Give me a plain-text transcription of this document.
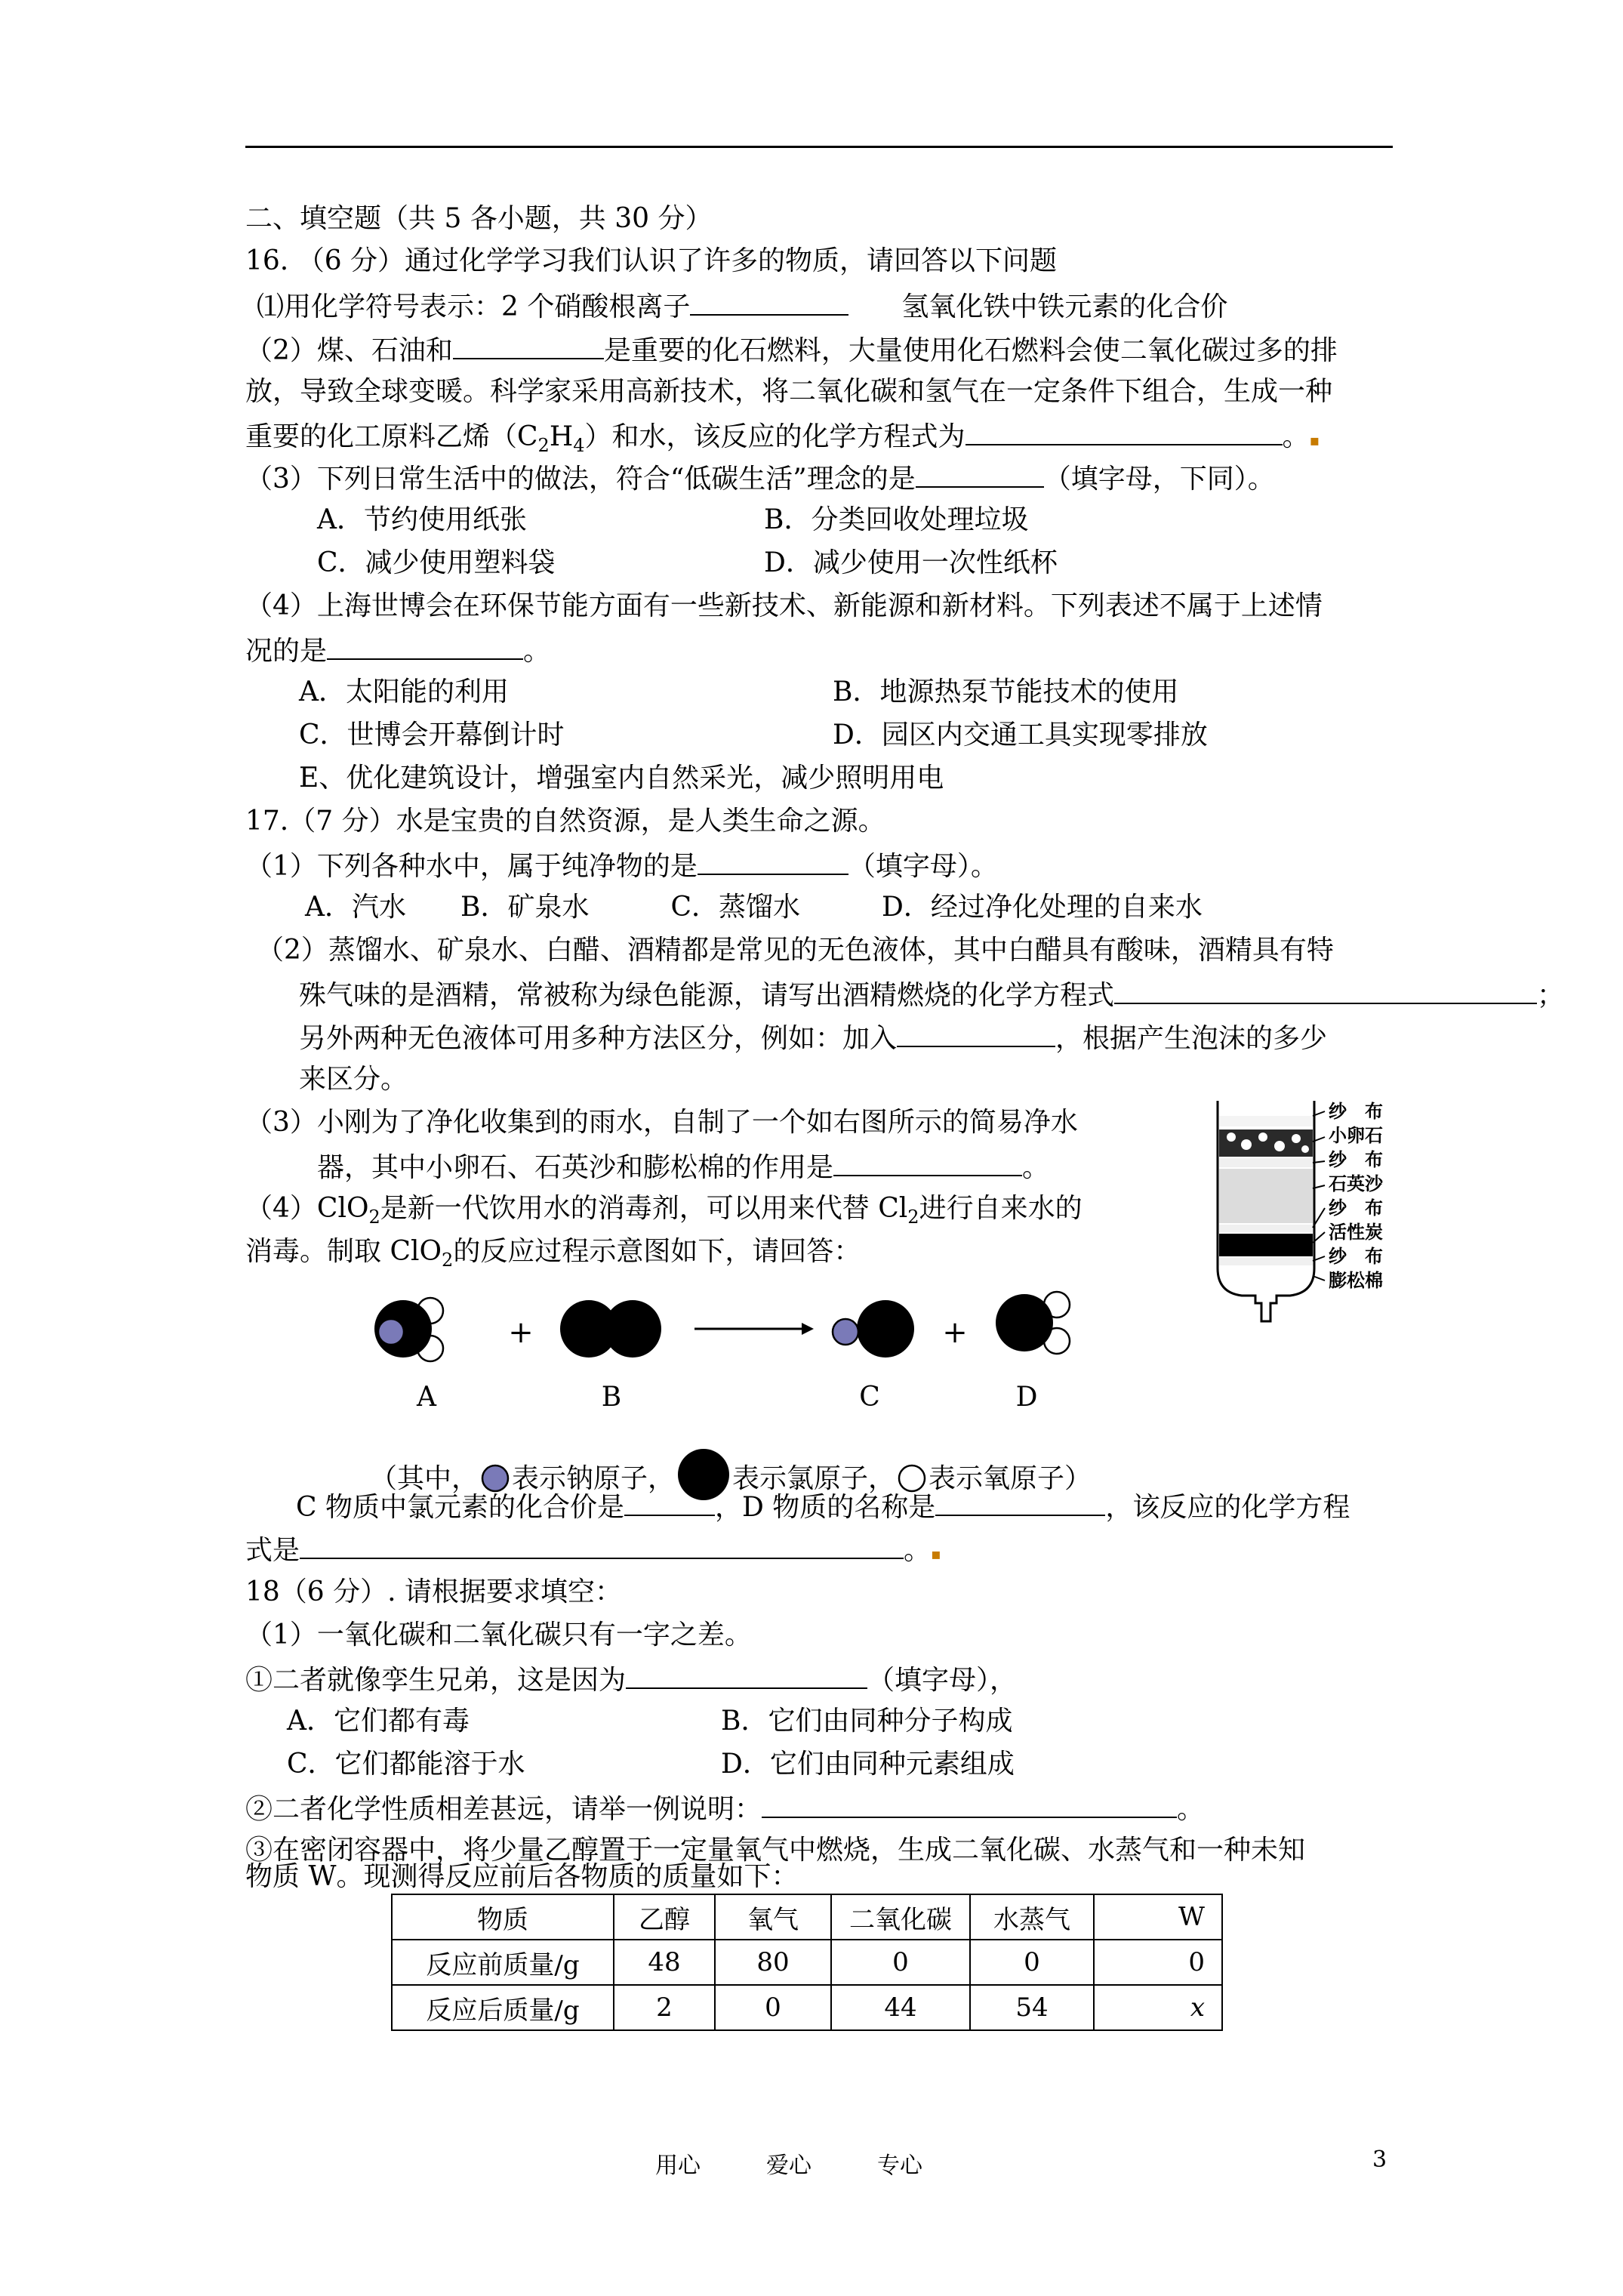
二、填空题（共 5 各小题，共 30 分）
16. （6 分）通过化学学习我们认识了许多的物质，请回答以下问题
⑴用化学符号表示：2 个硝酸根离子	氢氧化铁中铁元素的化合价
（2）煤、石油和	是重要的化石燃料，大量使用化石燃料会使二氧化碳过多的排
放，导致全球变暖。科学家采用高新技术，将二氧化碳和氢气在一定条件下组合，生成一种
重要的化工原料乙烯$(C_2H_4)$和水，该反应的化学方程式为	。▪
（3）下列日常生活中的做法，符合“低碳生活”理念的是	（填字母，下同）。
A．节约使用纸张	B．分类回收处理垃圾
C．减少使用塑料袋	D．减少使用一次性纸杯
（4）上海世博会在环保节能方面有一些新技术、新能源和新材料。下列表述不属于上述情
况的是	。
A．太阳能的利用	B．地源热泵节能技术的使用
C．世博会开幕倒计时	D．园区内交通工具实现零排放
E、优化建筑设计，增强室内自然采光，减少照明用电
17.（7 分）水是宝贵的自然资源，是人类生命之源。
（1）下列各种水中，属于纯净物的是	（填字母）。
A．汽水　　B．矿泉水　　　C．蒸馏水　　　D．经过净化处理的自来水
（2）蒸馏水、矿泉水、白醋、酒精都是常见的无色液体，其中白醋具有酸味，酒精具有特
殊气味的是酒精，常被称为绿色能源，请写出酒精燃烧的化学方程式	；
另外两种无色液体可用多种方法区分，例如：加入	，根据产生泡沫的多少
来区分。
（3）小刚为了净化收集到的雨水，自制了一个如右图所示的简易净水
器，其中小卵石、石英沙和膨松棉的作用是	。
（4）ClO$_2$是新一代饮用水的消毒剂，可以用来代替 $Cl_2$进行自来水的
消毒。制取 ClO$_2$的反应过程示意图如下，请回答：
纱　布
小卵石
纱　布
石英沙
纱　布
活性炭
纱　布
膨松棉
+	+
A	B	C	D
（其中， 表示钠原子， 表示氯原子， 表示氧原子）
C 物质中氯元素的化合价是	，D 物质的名称是	，该反应的化学方程
式是	。▪
18（6 分）. 请根据要求填空：
（1）一氧化碳和二氧化碳只有一字之差。
①二者就像孪生兄弟，这是因为	（填字母），
A．它们都有毒	B．它们由同种分子构成
C．它们都能溶于水	D．它们由同种元素组成
②二者化学性质相差甚远，请举一例说明：	。
③在密闭容器中，将少量乙醇置于一定量氧气中燃烧，生成二氧化碳、水蒸气和一种未知
物质 W。现测得反应前后各物质的质量如下：
物质	乙醇	氧气	二氧化碳	水蒸气	W
反应前质量/g	48	80	0	0	0
反应后质量/g	2	0	44	54	x
用心	爱心	专心	3
